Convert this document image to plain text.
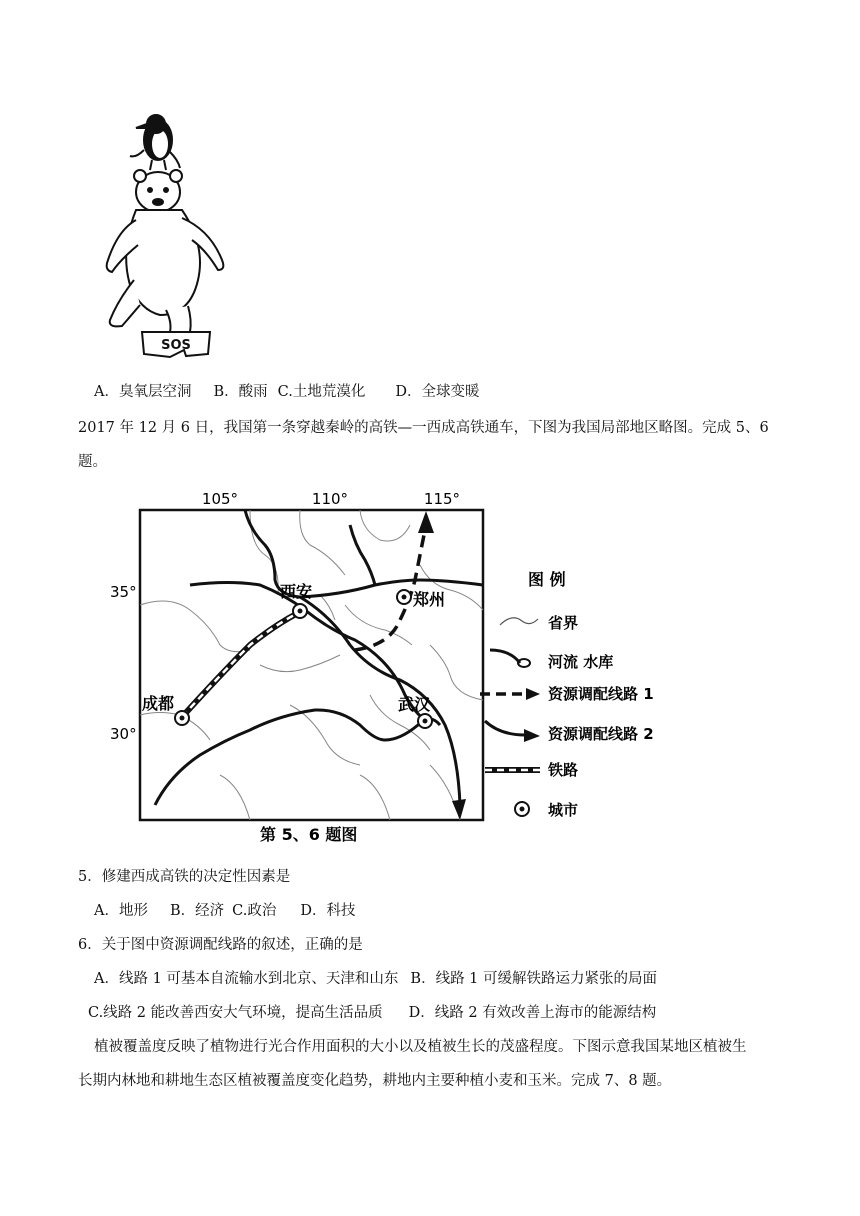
SOS
A．臭氧层空洞 B．酸雨 C.土地荒漠化 D．全球变暖
2017 年 12 月 6 日，我国第一条穿越秦岭的高铁—一西成高铁通车，下图为我国局部地区略图。完成 5、6
题。
105°	110°	115°
35°
30°
西安	郑州
成都	武汉
第 5、6 题图
图 例
省界
河流 水库
资源调配线路 1
资源调配线路 2
铁路
城市
5．修建西成高铁的决定性因素是
A．地形 B．经济 C.政治 D．科技
6．关于图中资源调配线路的叙述，正确的是
A．线路 1 可基本自流输水到北京、天津和山东 B．线路 1 可缓解铁路运力紧张的局面
C.线路 2 能改善西安大气环境，提高生活品质 D．线路 2 有效改善上海市的能源结构
植被覆盖度反映了植物进行光合作用面积的大小以及植被生长的茂盛程度。下图示意我国某地区植被生
长期内林地和耕地生态区植被覆盖度变化趋势，耕地内主要种植小麦和玉米。完成 7、8 题。
